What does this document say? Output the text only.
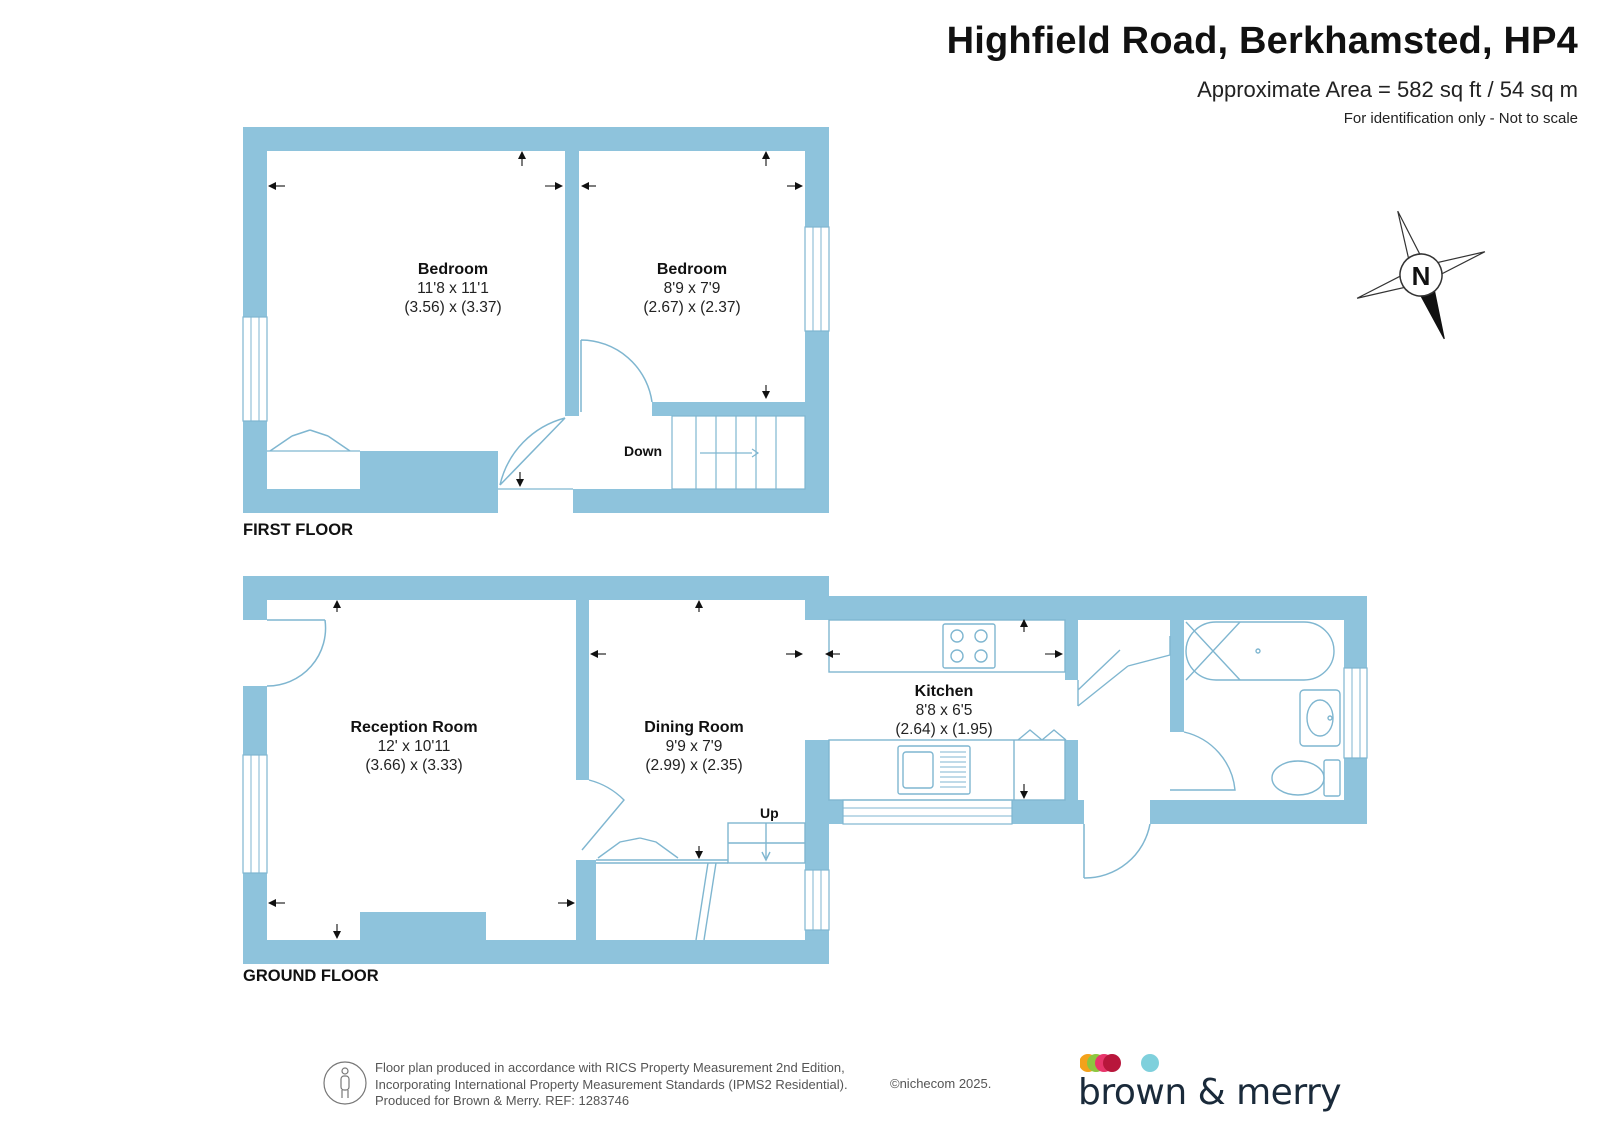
Highfield Road, Berkhamsted, HP4
Approximate Area = 582 sq ft / 54 sq m
For identification only - Not to scale
FIRST FLOOR
Bedroom
11'8 x 11'1
(3.56) x (3.37)
Bedroom
8'9 x 7'9
(2.67) x (2.37)
Down
GROUND FLOOR
Reception Room
12' x 10'11
(3.66) x (3.33)
Dining Room
9'9 x 7'9
(2.99) x (2.35)
Kitchen
8'8 x 6'5
(2.64) x (1.95)
Up
N
Floor plan produced in accordance with RICS Property Measurement 2nd Edition,
Incorporating International Property Measurement Standards (IPMS2 Residential).
Produced for Brown & Merry. REF: 1283746
©nichecom 2025. brown & merry
